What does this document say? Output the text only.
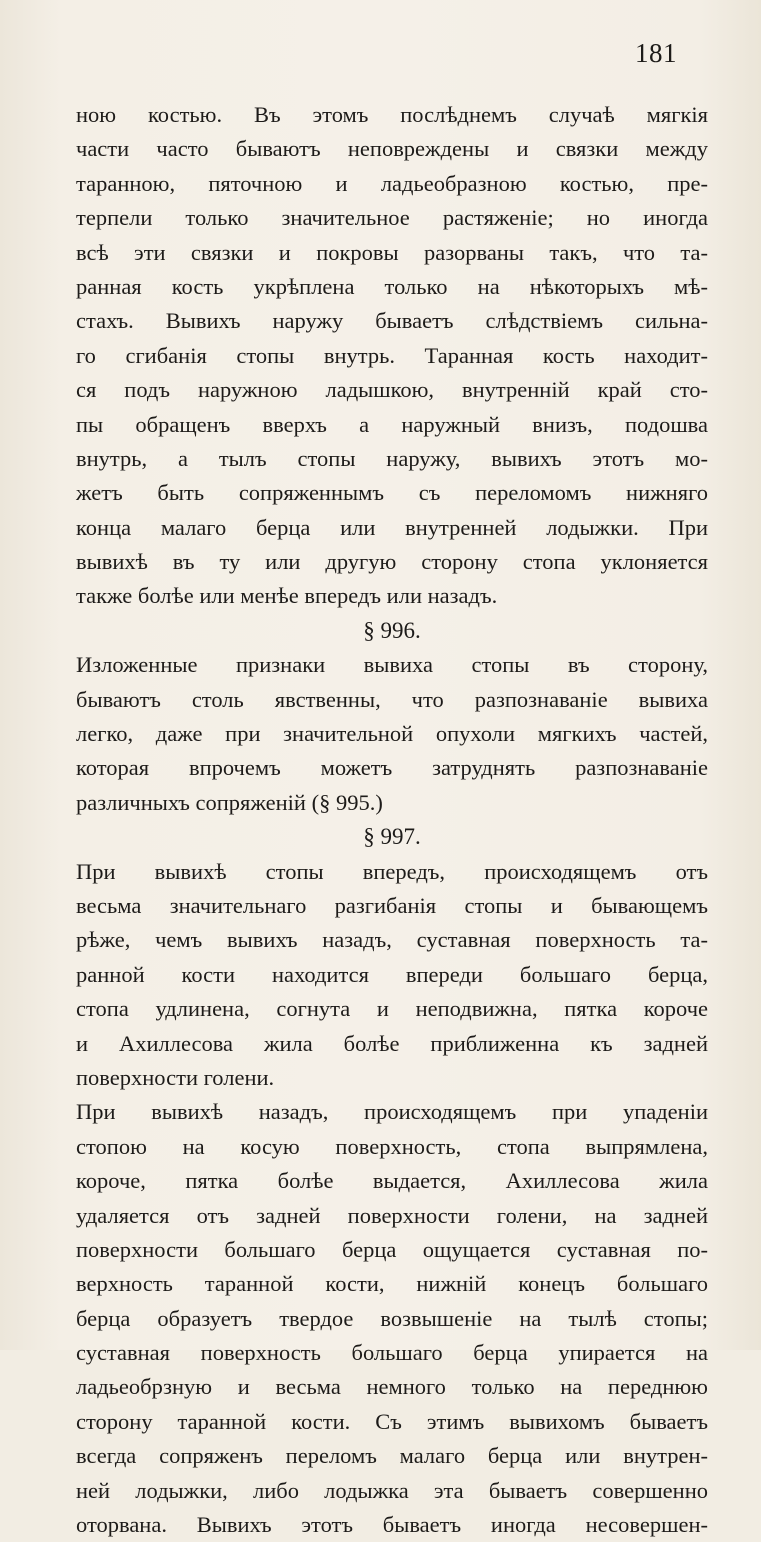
181
ною костью. Въ этомъ послѣднемъ случаѣ мягкія
части часто бываютъ неповреждены и связки между
таранною, пяточною и ладьеобразною костью, пре-
терпели только значительное растяженіе; но иногда
всѣ эти связки и покровы разорваны такъ, что та-
ранная кость укрѣплена только на нѣкоторыхъ мѣ-
стахъ. Вывихъ наружу бываетъ слѣдствіемъ сильна-
го сгибанія стопы внутрь. Таранная кость находит-
ся подъ наружною ладышкою, внутренній край сто-
пы обращенъ вверхъ а наружный внизъ, подошва
внутрь, а тылъ стопы наружу, вывихъ этотъ мо-
жетъ быть сопряженнымъ съ переломомъ нижняго
конца малаго берца или внутренней лодыжки. При
вывихѣ въ ту или другую сторону стопа уклоняется
также болѣе или менѣе впередъ или назадъ.
§ 996.
Изложенные признаки вывиха стопы въ сторону,
бываютъ столь явственны, что разпознаваніе вывиха
легко, даже при значительной опухоли мягкихъ частей,
которая впрочемъ можетъ затруднять разпознаваніе
различныхъ сопряженій (§ 995.)
§ 997.
При вывихѣ стопы впередъ, происходящемъ отъ
весьма значительнаго разгибанія стопы и бывающемъ
рѣже, чемъ вывихъ назадъ, суставная поверхность та-
ранной кости находится впереди большаго берца,
стопа удлинена, согнута и неподвижна, пятка короче
и Ахиллесова жила болѣе приближенна къ задней
поверхности голени.
При вывихѣ назадъ, происходящемъ при упаденіи
стопою на косую поверхность, стопа выпрямлена,
короче, пятка болѣе выдается, Ахиллесова жила
удаляется отъ задней поверхности голени, на задней
поверхности большаго берца ощущается суставная по-
верхность таранной кости, нижній конецъ большаго
берца образуетъ твердое возвышеніе на тылѣ стопы;
суставная поверхность большаго берца упирается на
ладьеобрзную и весьма немного только на переднюю
сторону таранной кости. Съ этимъ вывихомъ бываетъ
всегда сопряженъ переломъ малаго берца или внутрен-
ней лодыжки, либо лодыжка эта бываетъ совершенно
оторвана. Вывихъ этотъ бываетъ иногда несовершен-
